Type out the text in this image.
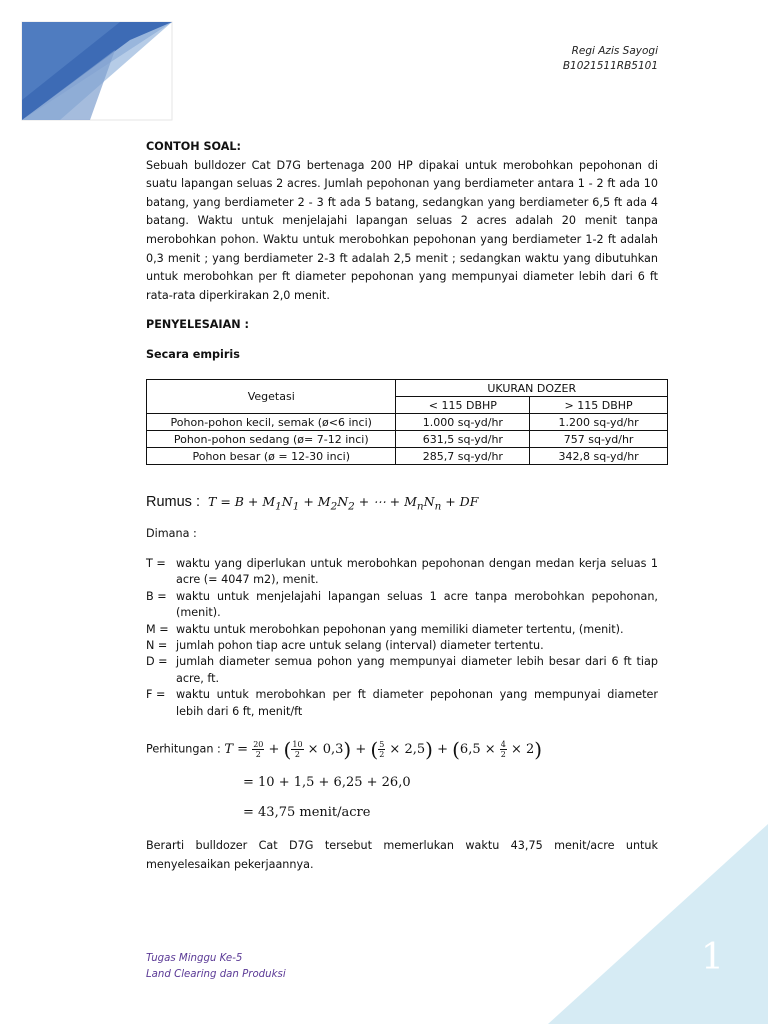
Regi Azis Sayogi
B1021511RB5101
CONTOH SOAL:
Sebuah bulldozer Cat D7G bertenaga 200 HP dipakai untuk merobohkan pepohonan di suatu lapangan seluas 2 acres. Jumlah pepohonan yang berdiameter antara 1 - 2 ft ada 10 batang, yang berdiameter 2 - 3 ft ada 5 batang, sedangkan yang berdiameter 6,5 ft ada 4 batang. Waktu untuk menjelajahi lapangan seluas 2 acres adalah 20 menit tanpa merobohkan pohon. Waktu untuk merobohkan pepohonan yang berdiameter 1-2 ft adalah 0,3 menit ; yang berdiameter 2-3 ft adalah 2,5 menit ; sedangkan waktu yang dibutuhkan untuk merobohkan per ft diameter pepohonan yang mempunyai diameter lebih dari 6 ft rata-rata diperkirakan 2,0 menit.
PENYELESAIAN :
Secara empiris
Vegetasi	UKURAN DOZER	
	< 115 DBHP	> 115 DBHP
Pohon-pohon kecil, semak (ø<6 inci)	1.000 sq-yd/hr	1.200 sq-yd/hr
Pohon-pohon sedang (ø= 7-12 inci)	631,5 sq-yd/hr	757 sq-yd/hr
Pohon besar (ø = 12-30 inci)	285,7 sq-yd/hr	342,8 sq-yd/hr
Rumus :  $T = B + M_1N_1 + M_2N_2$ + ⋯ + $M_nN_n$ + DF
Dimana :
T = waktu yang diperlukan untuk merobohkan pepohonan dengan medan kerja seluas 1 acre (= 4047 m2), menit.
B = waktu untuk menjelajahi lapangan seluas 1 acre tanpa merobohkan pepohonan, (menit).
M = waktu untuk merobohkan pepohonan yang memiliki diameter tertentu, (menit).
N = jumlah pohon tiap acre untuk selang (interval) diameter tertentu.
D = jumlah diameter semua pohon yang mempunyai diameter lebih besar dari 6 ft tiap acre, ft.
F = waktu untuk merobohkan per ft diameter pepohonan yang mempunyai diameter lebih dari 6 ft, menit/ft
Perhitungan : $T = \frac{20}{2}$ + ( $\frac{10}{2} \times 0,3$) + ( $\frac{5}{2} \times 2,5) + (6,5 \times \frac{4}{2} \times 2)$
= 10 + 1,5 + 6,25 + 26,0
= 43,75 menit/acre
Berarti bulldozer Cat D7G tersebut memerlukan waktu 43,75 menit/acre untuk menyelesaikan pekerjaannya.
Tugas Minggu Ke-5
Land Clearing dan Produksi	1
